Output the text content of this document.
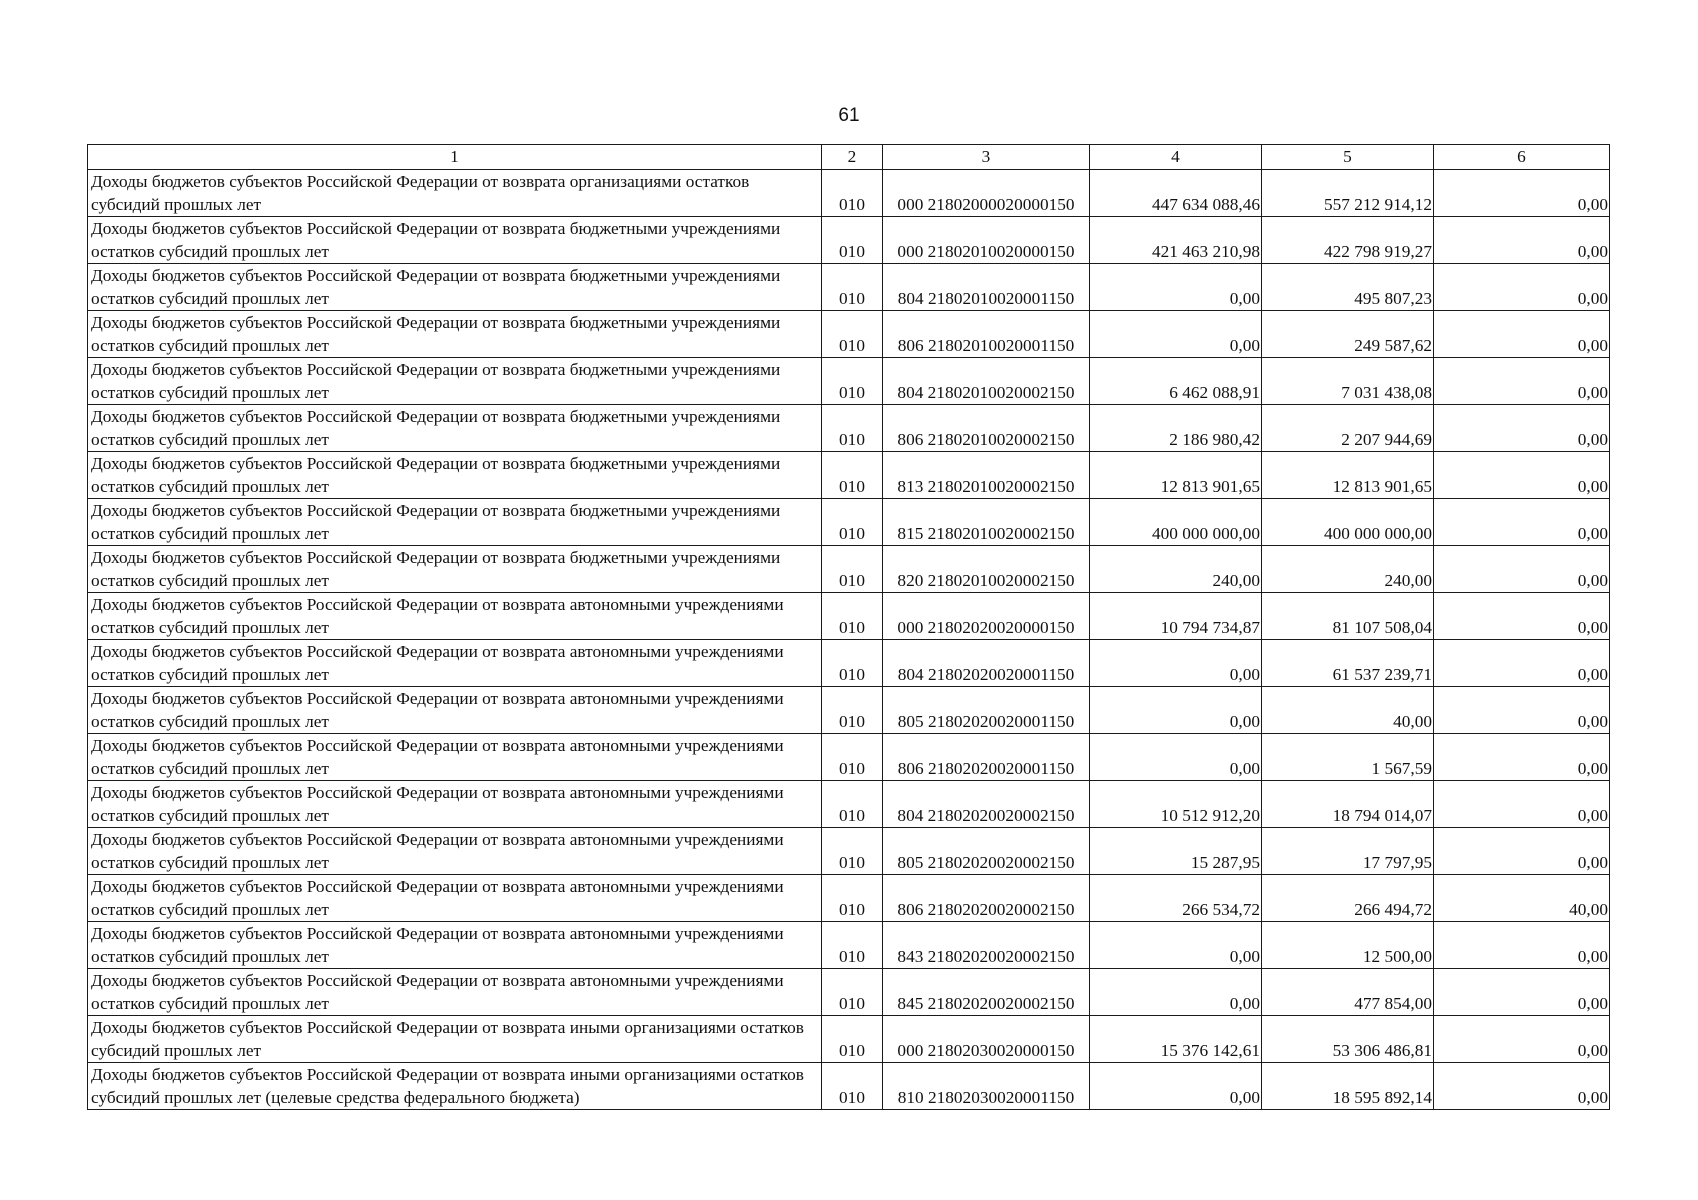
61
1	2	3	4	5	6
Доходы бюджетов субъектов Российской Федерации от возврата организациями остатков субсидий прошлых лет	010	000 21802000020000150	447 634 088,46	557 212 914,12	0,00
Доходы бюджетов субъектов Российской Федерации от возврата бюджетными учреждениями остатков субсидий прошлых лет	010	000 21802010020000150	421 463 210,98	422 798 919,27	0,00
Доходы бюджетов субъектов Российской Федерации от возврата бюджетными учреждениями остатков субсидий прошлых лет	010	804 21802010020001150	0,00	495 807,23	0,00
Доходы бюджетов субъектов Российской Федерации от возврата бюджетными учреждениями остатков субсидий прошлых лет	010	806 21802010020001150	0,00	249 587,62	0,00
Доходы бюджетов субъектов Российской Федерации от возврата бюджетными учреждениями остатков субсидий прошлых лет	010	804 21802010020002150	6 462 088,91	7 031 438,08	0,00
Доходы бюджетов субъектов Российской Федерации от возврата бюджетными учреждениями остатков субсидий прошлых лет	010	806 21802010020002150	2 186 980,42	2 207 944,69	0,00
Доходы бюджетов субъектов Российской Федерации от возврата бюджетными учреждениями остатков субсидий прошлых лет	010	813 21802010020002150	12 813 901,65	12 813 901,65	0,00
Доходы бюджетов субъектов Российской Федерации от возврата бюджетными учреждениями остатков субсидий прошлых лет	010	815 21802010020002150	400 000 000,00	400 000 000,00	0,00
Доходы бюджетов субъектов Российской Федерации от возврата бюджетными учреждениями остатков субсидий прошлых лет	010	820 21802010020002150	240,00	240,00	0,00
Доходы бюджетов субъектов Российской Федерации от возврата автономными учреждениями остатков субсидий прошлых лет	010	000 21802020020000150	10 794 734,87	81 107 508,04	0,00
Доходы бюджетов субъектов Российской Федерации от возврата автономными учреждениями остатков субсидий прошлых лет	010	804 21802020020001150	0,00	61 537 239,71	0,00
Доходы бюджетов субъектов Российской Федерации от возврата автономными учреждениями остатков субсидий прошлых лет	010	805 21802020020001150	0,00	40,00	0,00
Доходы бюджетов субъектов Российской Федерации от возврата автономными учреждениями остатков субсидий прошлых лет	010	806 21802020020001150	0,00	1 567,59	0,00
Доходы бюджетов субъектов Российской Федерации от возврата автономными учреждениями остатков субсидий прошлых лет	010	804 21802020020002150	10 512 912,20	18 794 014,07	0,00
Доходы бюджетов субъектов Российской Федерации от возврата автономными учреждениями остатков субсидий прошлых лет	010	805 21802020020002150	15 287,95	17 797,95	0,00
Доходы бюджетов субъектов Российской Федерации от возврата автономными учреждениями остатков субсидий прошлых лет	010	806 21802020020002150	266 534,72	266 494,72	40,00
Доходы бюджетов субъектов Российской Федерации от возврата автономными учреждениями остатков субсидий прошлых лет	010	843 21802020020002150	0,00	12 500,00	0,00
Доходы бюджетов субъектов Российской Федерации от возврата автономными учреждениями остатков субсидий прошлых лет	010	845 21802020020002150	0,00	477 854,00	0,00
Доходы бюджетов субъектов Российской Федерации от возврата иными организациями остатков субсидий прошлых лет	010	000 21802030020000150	15 376 142,61	53 306 486,81	0,00
Доходы бюджетов субъектов Российской Федерации от возврата иными организациями остатков субсидий прошлых лет (целевые средства федерального бюджета)	010	810 21802030020001150	0,00	18 595 892,14	0,00
